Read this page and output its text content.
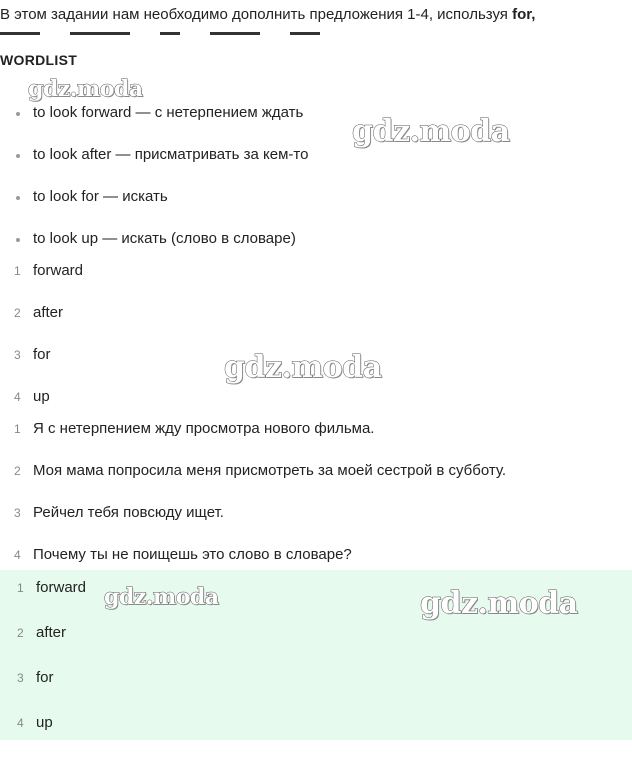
В этом задании нам необходимо дополнить предложения 1-4, используя for,
WORDLIST
to look forward — с нетерпением ждать
to look after — присматривать за кем-то
to look for — искать
to look up — искать (слово в словаре)
1 forward
2 after
3 for
4 up
1 Я с нетерпением жду просмотра нового фильма.
2 Моя мама попросила меня присмотреть за моей сестрой в субботу.
3 Рейчел тебя повсюду ищет.
4 Почему ты не поищешь это слово в словаре?
1 forward
2 after
3 for
4 up
gdz.moda
gdz.moda
gdz.moda
gdz.moda	gdz.moda
